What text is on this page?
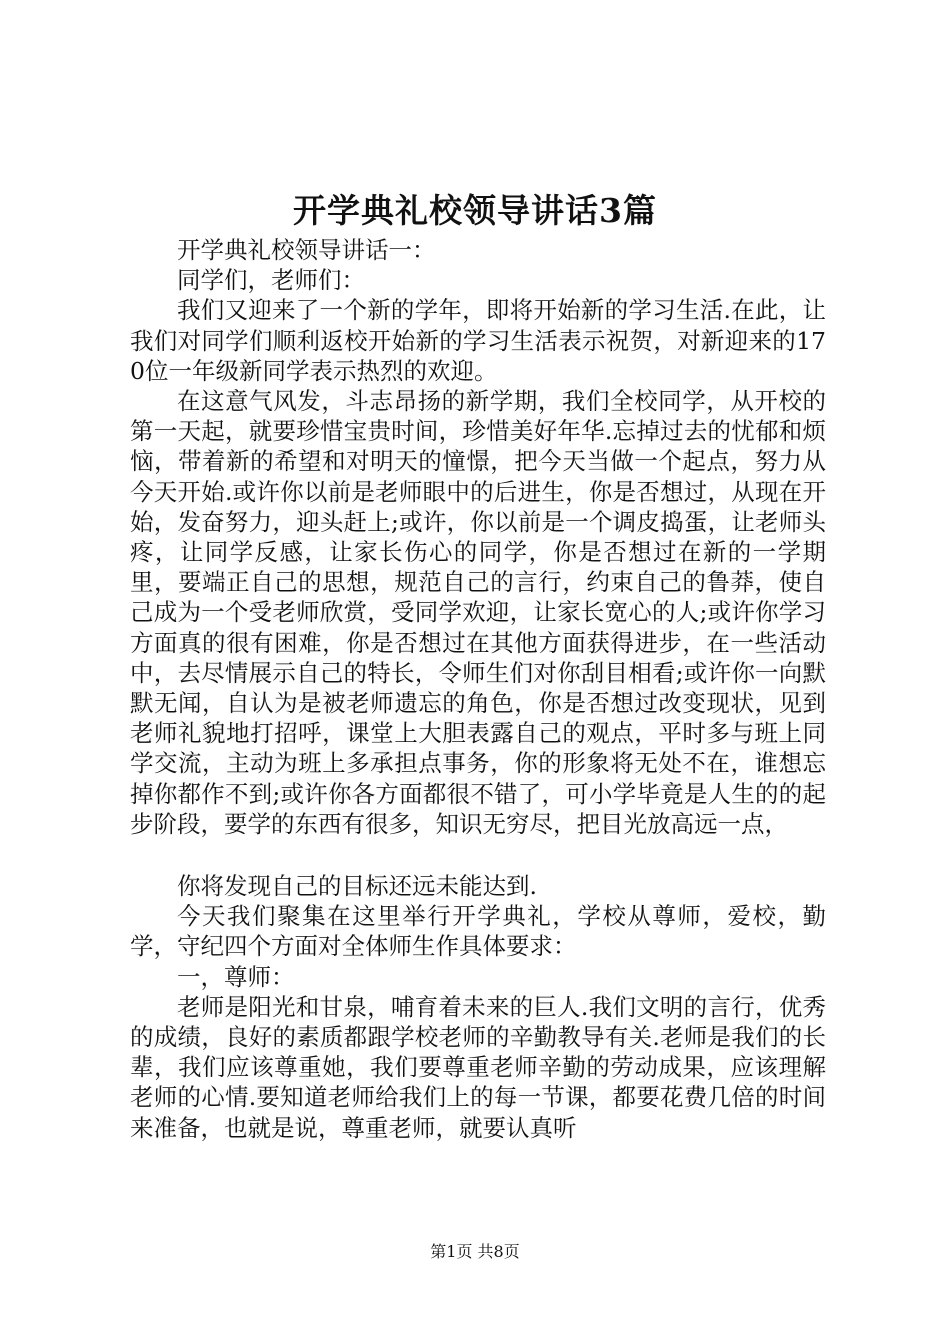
开学典礼校领导讲话3篇

开学典礼校领导讲话一：

同学们，老师们：

我们又迎来了一个新的学年，即将开始新的学习生活.在此，让我们对同学们顺利返校开始新的学习生活表示祝贺，对新迎来的170位一年级新同学表示热烈的欢迎。

在这意气风发，斗志昂扬的新学期，我们全校同学，从开校的第一天起，就要珍惜宝贵时间，珍惜美好年华.忘掉过去的忧郁和烦恼，带着新的希望和对明天的憧憬，把今天当做一个起点，努力从今天开始.或许你以前是老师眼中的后进生，你是否想过，从现在开始，发奋努力，迎头赶上;或许，你以前是一个调皮捣蛋，让老师头疼，让同学反感，让家长伤心的同学，你是否想过在新的一学期里，要端正自己的思想，规范自己的言行，约束自己的鲁莽，使自己成为一个受老师欣赏，受同学欢迎，让家长宽心的人;或许你学习方面真的很有困难，你是否想过在其他方面获得进步，在一些活动中，去尽情展示自己的特长，令师生们对你刮目相看;或许你一向默默无闻，自认为是被老师遗忘的角色，你是否想过改变现状，见到老师礼貌地打招呼，课堂上大胆表露自己的观点，平时多与班上同学交流，主动为班上多承担点事务，你的形象将无处不在，谁想忘掉你都作不到;或许你各方面都很不错了，可小学毕竟是人生的的起步阶段，要学的东西有很多，知识无穷尽，把目光放高远一点，

你将发现自己的目标还远未能达到.

今天我们聚集在这里举行开学典礼，学校从尊师，爱校，勤学，守纪四个方面对全体师生作具体要求：

一，尊师：

老师是阳光和甘泉，哺育着未来的巨人.我们文明的言行，优秀的成绩，良好的素质都跟学校老师的辛勤教导有关.老师是我们的长辈，我们应该尊重她，我们要尊重老师辛勤的劳动成果，应该理解老师的心情.要知道老师给我们上的每一节课，都要花费几倍的时间来准备，也就是说，尊重老师，就要认真听

第1页 共8页
